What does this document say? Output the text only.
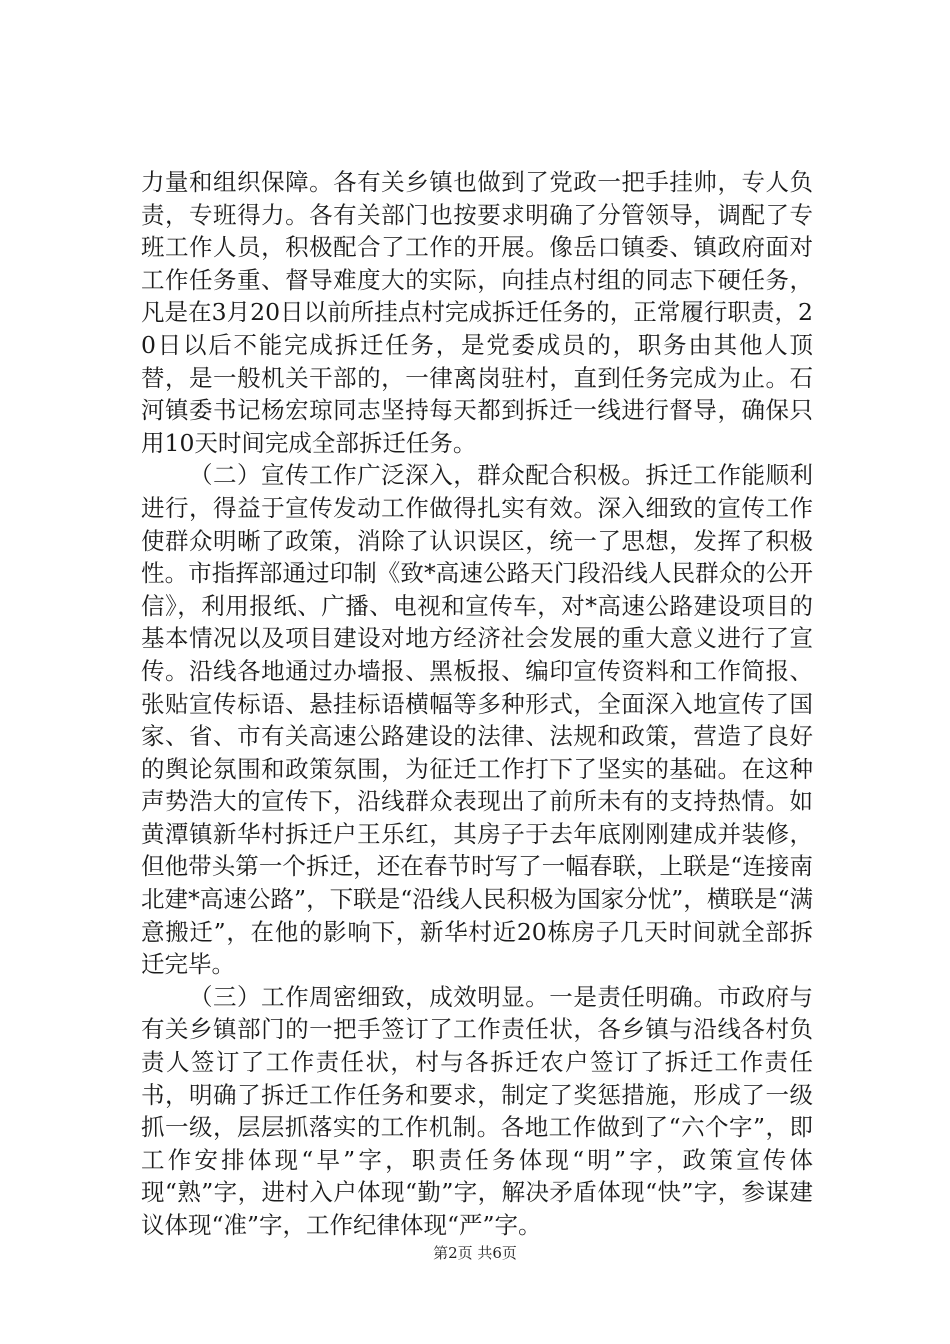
力量和组织保障。各有关乡镇也做到了党政一把手挂帅，专人负责，专班得力。各有关部门也按要求明确了分管领导，调配了专班工作人员，积极配合了工作的开展。像岳口镇委、镇政府面对工作任务重、督导难度大的实际，向挂点村组的同志下硬任务，凡是在3月20日以前所挂点村完成拆迁任务的，正常履行职责，20日以后不能完成拆迁任务，是党委成员的，职务由其他人顶替，是一般机关干部的，一律离岗驻村，直到任务完成为止。石河镇委书记杨宏琼同志坚持每天都到拆迁一线进行督导，确保只用10天时间完成全部拆迁任务。

（二）宣传工作广泛深入，群众配合积极。拆迁工作能顺利进行，得益于宣传发动工作做得扎实有效。深入细致的宣传工作使群众明晰了政策，消除了认识误区，统一了思想，发挥了积极性。市指挥部通过印制《致*高速公路天门段沿线人民群众的公开信》，利用报纸、广播、电视和宣传车，对*高速公路建设项目的基本情况以及项目建设对地方经济社会发展的重大意义进行了宣传。沿线各地通过办墙报、黑板报、编印宣传资料和工作简报、张贴宣传标语、悬挂标语横幅等多种形式，全面深入地宣传了国家、省、市有关高速公路建设的法律、法规和政策，营造了良好的舆论氛围和政策氛围，为征迁工作打下了坚实的基础。在这种声势浩大的宣传下，沿线群众表现出了前所未有的支持热情。如黄潭镇新华村拆迁户王乐红，其房子于去年底刚刚建成并装修，但他带头第一个拆迁，还在春节时写了一幅春联，上联是“连接南北建*高速公路”，下联是“沿线人民积极为国家分忧”，横联是“满意搬迁”，在他的影响下，新华村近20栋房子几天时间就全部拆迁完毕。

（三）工作周密细致，成效明显。一是责任明确。市政府与有关乡镇部门的一把手签订了工作责任状，各乡镇与沿线各村负责人签订了工作责任状，村与各拆迁农户签订了拆迁工作责任书，明确了拆迁工作任务和要求，制定了奖惩措施，形成了一级抓一级，层层抓落实的工作机制。各地工作做到了“六个字”，即工作安排体现“早”字，职责任务体现“明”字，政策宣传体现“熟”字，进村入户体现“勤”字，解决矛盾体现“快”字，参谋建议体现“准”字，工作纪律体现“严”字。

第2页 共6页
